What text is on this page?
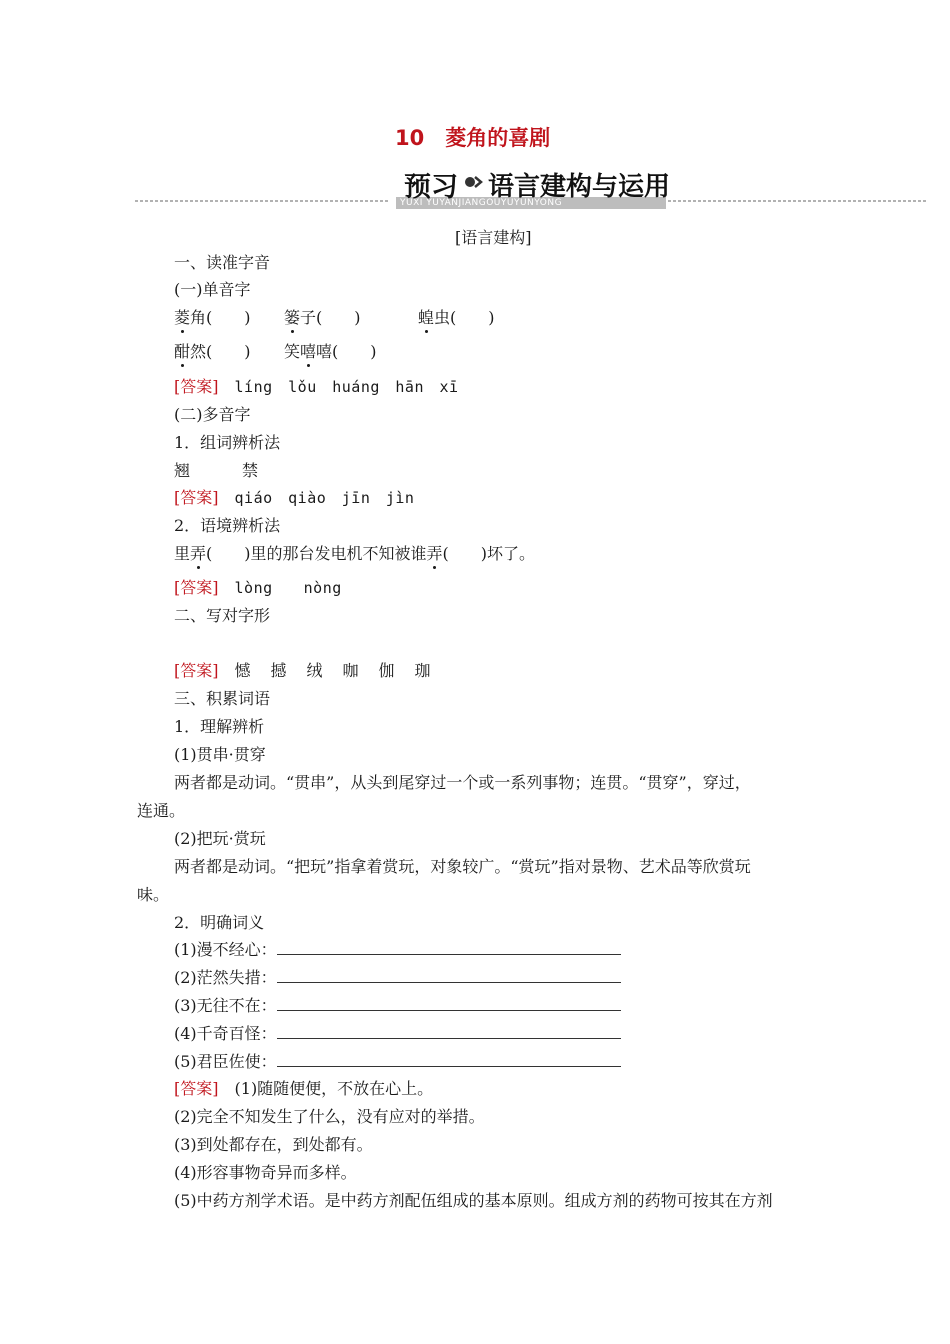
10　菱角的喜剧
预习 语言建构与运用
YUXI YUYANJIANGOUYUYUNYONG
[语言建构]
一、读准字音
(一)单音字
菱角(　　) 篓子(　　)	蝗虫(　　)
酣然(　　) 笑嘻嘻(　　)
[答案]　 líng　lǒu　huáng　hān　xī
(二)多音字
1．组词辨析法
翘	禁
[答案]　 qiáo　qiào　jīn　jìn
2．语境辨析法
里弄(　　)里的那台发电机不知被谁弄(　　)坏了。
[答案]　 lòng　　nòng
二、写对字形
[答案]　 憾　撼　绒　咖　伽　珈
三、积累词语
1．理解辨析
(1)贯串·贯穿
两者都是动词。“贯串”，从头到尾穿过一个或一系列事物；连贯。“贯穿”，穿过，
连通。
(2)把玩·赏玩
两者都是动词。“把玩”指拿着赏玩，对象较广。“赏玩”指对景物、艺术品等欣赏玩
味。
2．明确词义
(1)漫不经心：
(2)茫然失措：
(3)无往不在：
(4)千奇百怪：
(5)君臣佐使：
[答案]　 (1)随随便便，不放在心上。
(2)完全不知发生了什么，没有应对的举措。
(3)到处都存在，到处都有。
(4)形容事物奇异而多样。
(5)中药方剂学术语。是中药方剂配伍组成的基本原则。组成方剂的药物可按其在方剂
